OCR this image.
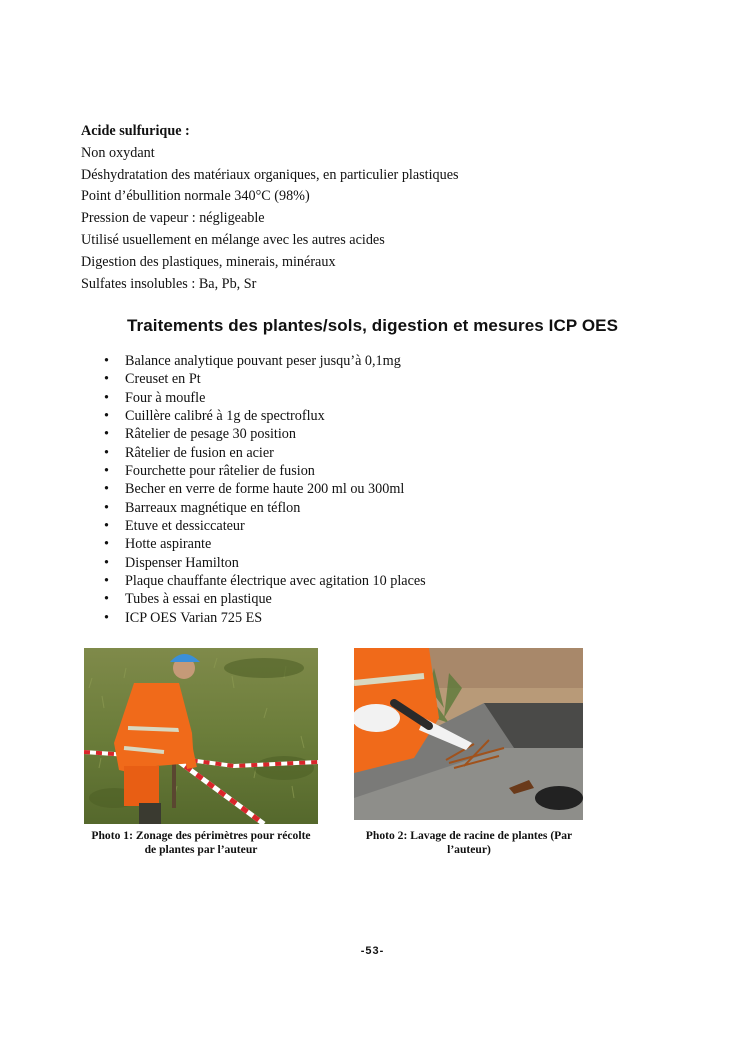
Acide sulfurique :
Non oxydant
Déshydratation des matériaux organiques, en particulier plastiques
Point d’ébullition normale 340°C (98%)
Pression de vapeur : négligeable
Utilisé usuellement en mélange avec les autres acides
Digestion des plastiques, minerais, minéraux
Sulfates insolubles : Ba, Pb, Sr
Traitements des plantes/sols, digestion et mesures ICP OES
• Balance analytique pouvant peser jusqu’à 0,1mg
• Creuset en Pt
• Four à moufle
• Cuillère calibré à 1g de spectroflux
• Râtelier de pesage 30 position
• Râtelier de fusion en acier
• Fourchette pour râtelier de fusion
• Becher en verre de forme haute 200 ml ou 300ml
• Barreaux magnétique en téflon
• Etuve et dessiccateur
• Hotte aspirante
• Dispenser Hamilton
• Plaque chauffante électrique avec agitation 10 places
• Tubes à essai en plastique
• ICP OES Varian 725 ES
Photo 1: Zonage des périmètres pour récolte
de plantes par l’auteur
Photo 2: Lavage de racine de plantes (Par
l’auteur)
-53-
